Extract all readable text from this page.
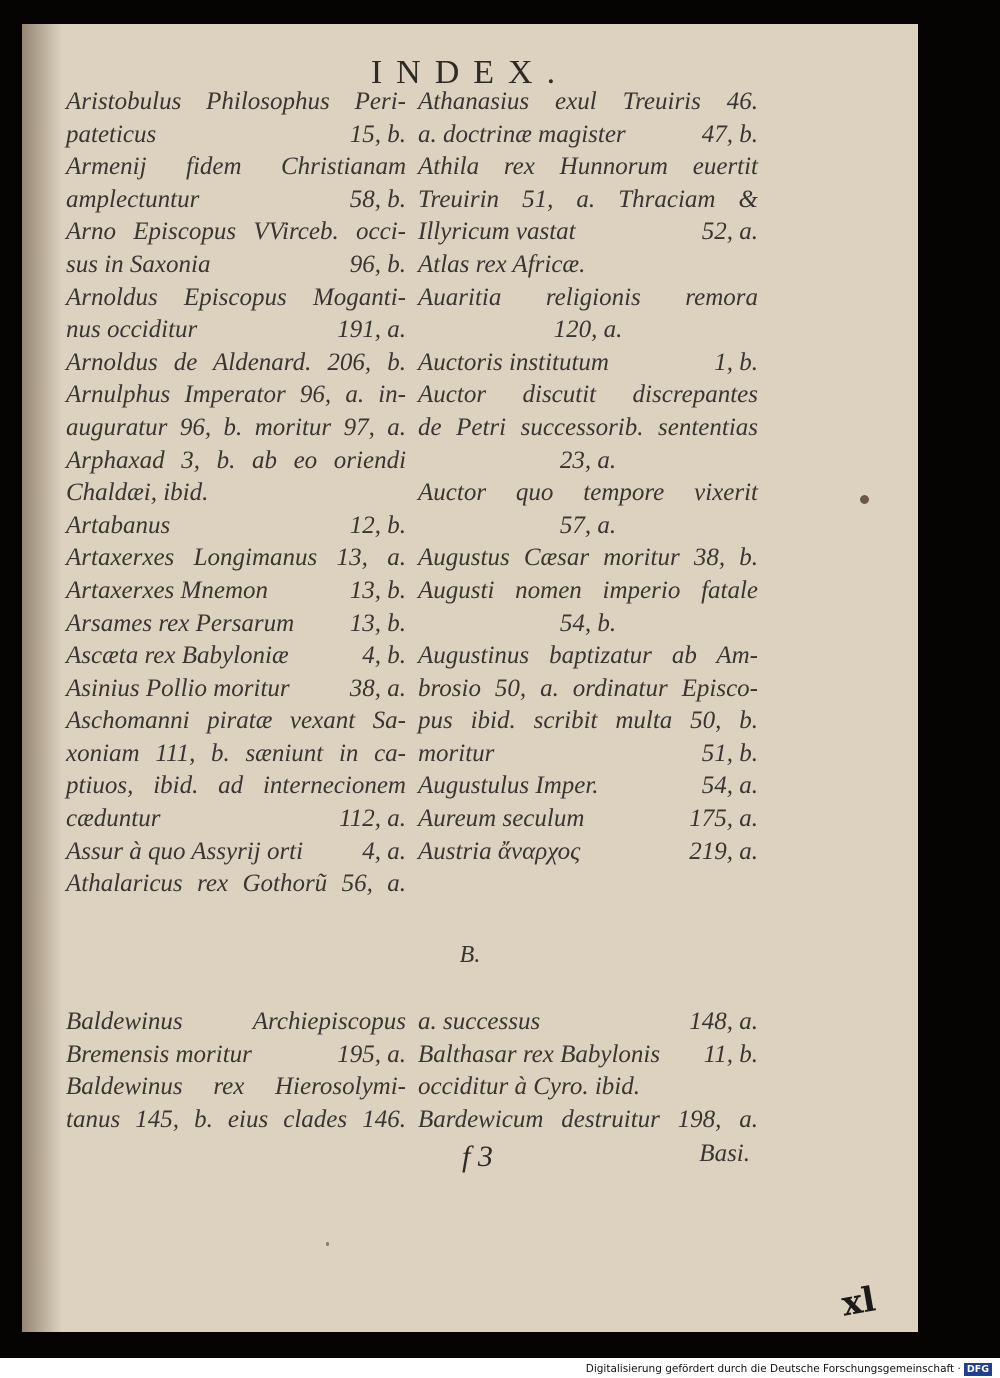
INDEX.
Aristobulus Philosophus Peri-
pateticus	15, b.
Armenij fidem Christianam
amplectuntur	58, b.
Arno Episcopus VVirceb. occi-
sus in Saxonia	96, b.
Arnoldus Episcopus Moganti-
nus occiditur	191, a.
Arnoldus de Aldenard. 206, b.
Arnulphus Imperator 96, a. in-
auguratur 96, b. moritur 97, a.
Arphaxad 3, b. ab eo oriendi
Chaldæi, ibid.
Artabanus	12, b.
Artaxerxes Longimanus 13, a.
Artaxerxes Mnemon	13, b.
Arsames rex Persarum 13, b.
Ascæta rex Babyloniæ	4, b.
Asinius Pollio moritur 38, a.
Aschomanni piratæ vexant Sa-
xoniam 111, b. sæniunt in ca-
ptiuos, ibid. ad internecionem
cæduntur	112, a.
Assur à quo Assyrij orti 4, a.
Athalaricus rex Gothorũ 56, a.
Athanasius exul Treuiris 46.
a. doctrinæ magister	47, b.
Athila rex Hunnorum euertit
Treuirin 51, a. Thraciam &
Illyricum vastat	52, a.
Atlas rex Africæ.
Auaritia religionis remora
120, a.
Auctoris institutum	1, b.
Auctor discutit discrepantes
de Petri successorib. sententias
23, a.
Auctor quo tempore vixerit
57, a.
Augustus Cæsar moritur 38, b.
Augusti nomen imperio fatale
54, b.
Augustinus baptizatur ab Am-
brosio 50, a. ordinatur Episco-
pus ibid. scribit multa 50, b.
moritur	51, b.
Augustulus Imper.	54, a.
Aureum seculum	175, a.
Austria ἄναρχος	219, a.
B.
Baldewinus Archiepiscopus
Bremensis moritur	195, a.
Baldewinus rex Hierosolymi-
tanus 145, b. eius clades 146.
a. successus	148, a.
Balthasar rex Babylonis 11, b.
occiditur à Cyro. ibid.
Bardewicum destruitur 198, a.
f 3	Basi.
xl
Digitalisierung gefördert durch die Deutsche Forschungsgemeinschaft · DFG
